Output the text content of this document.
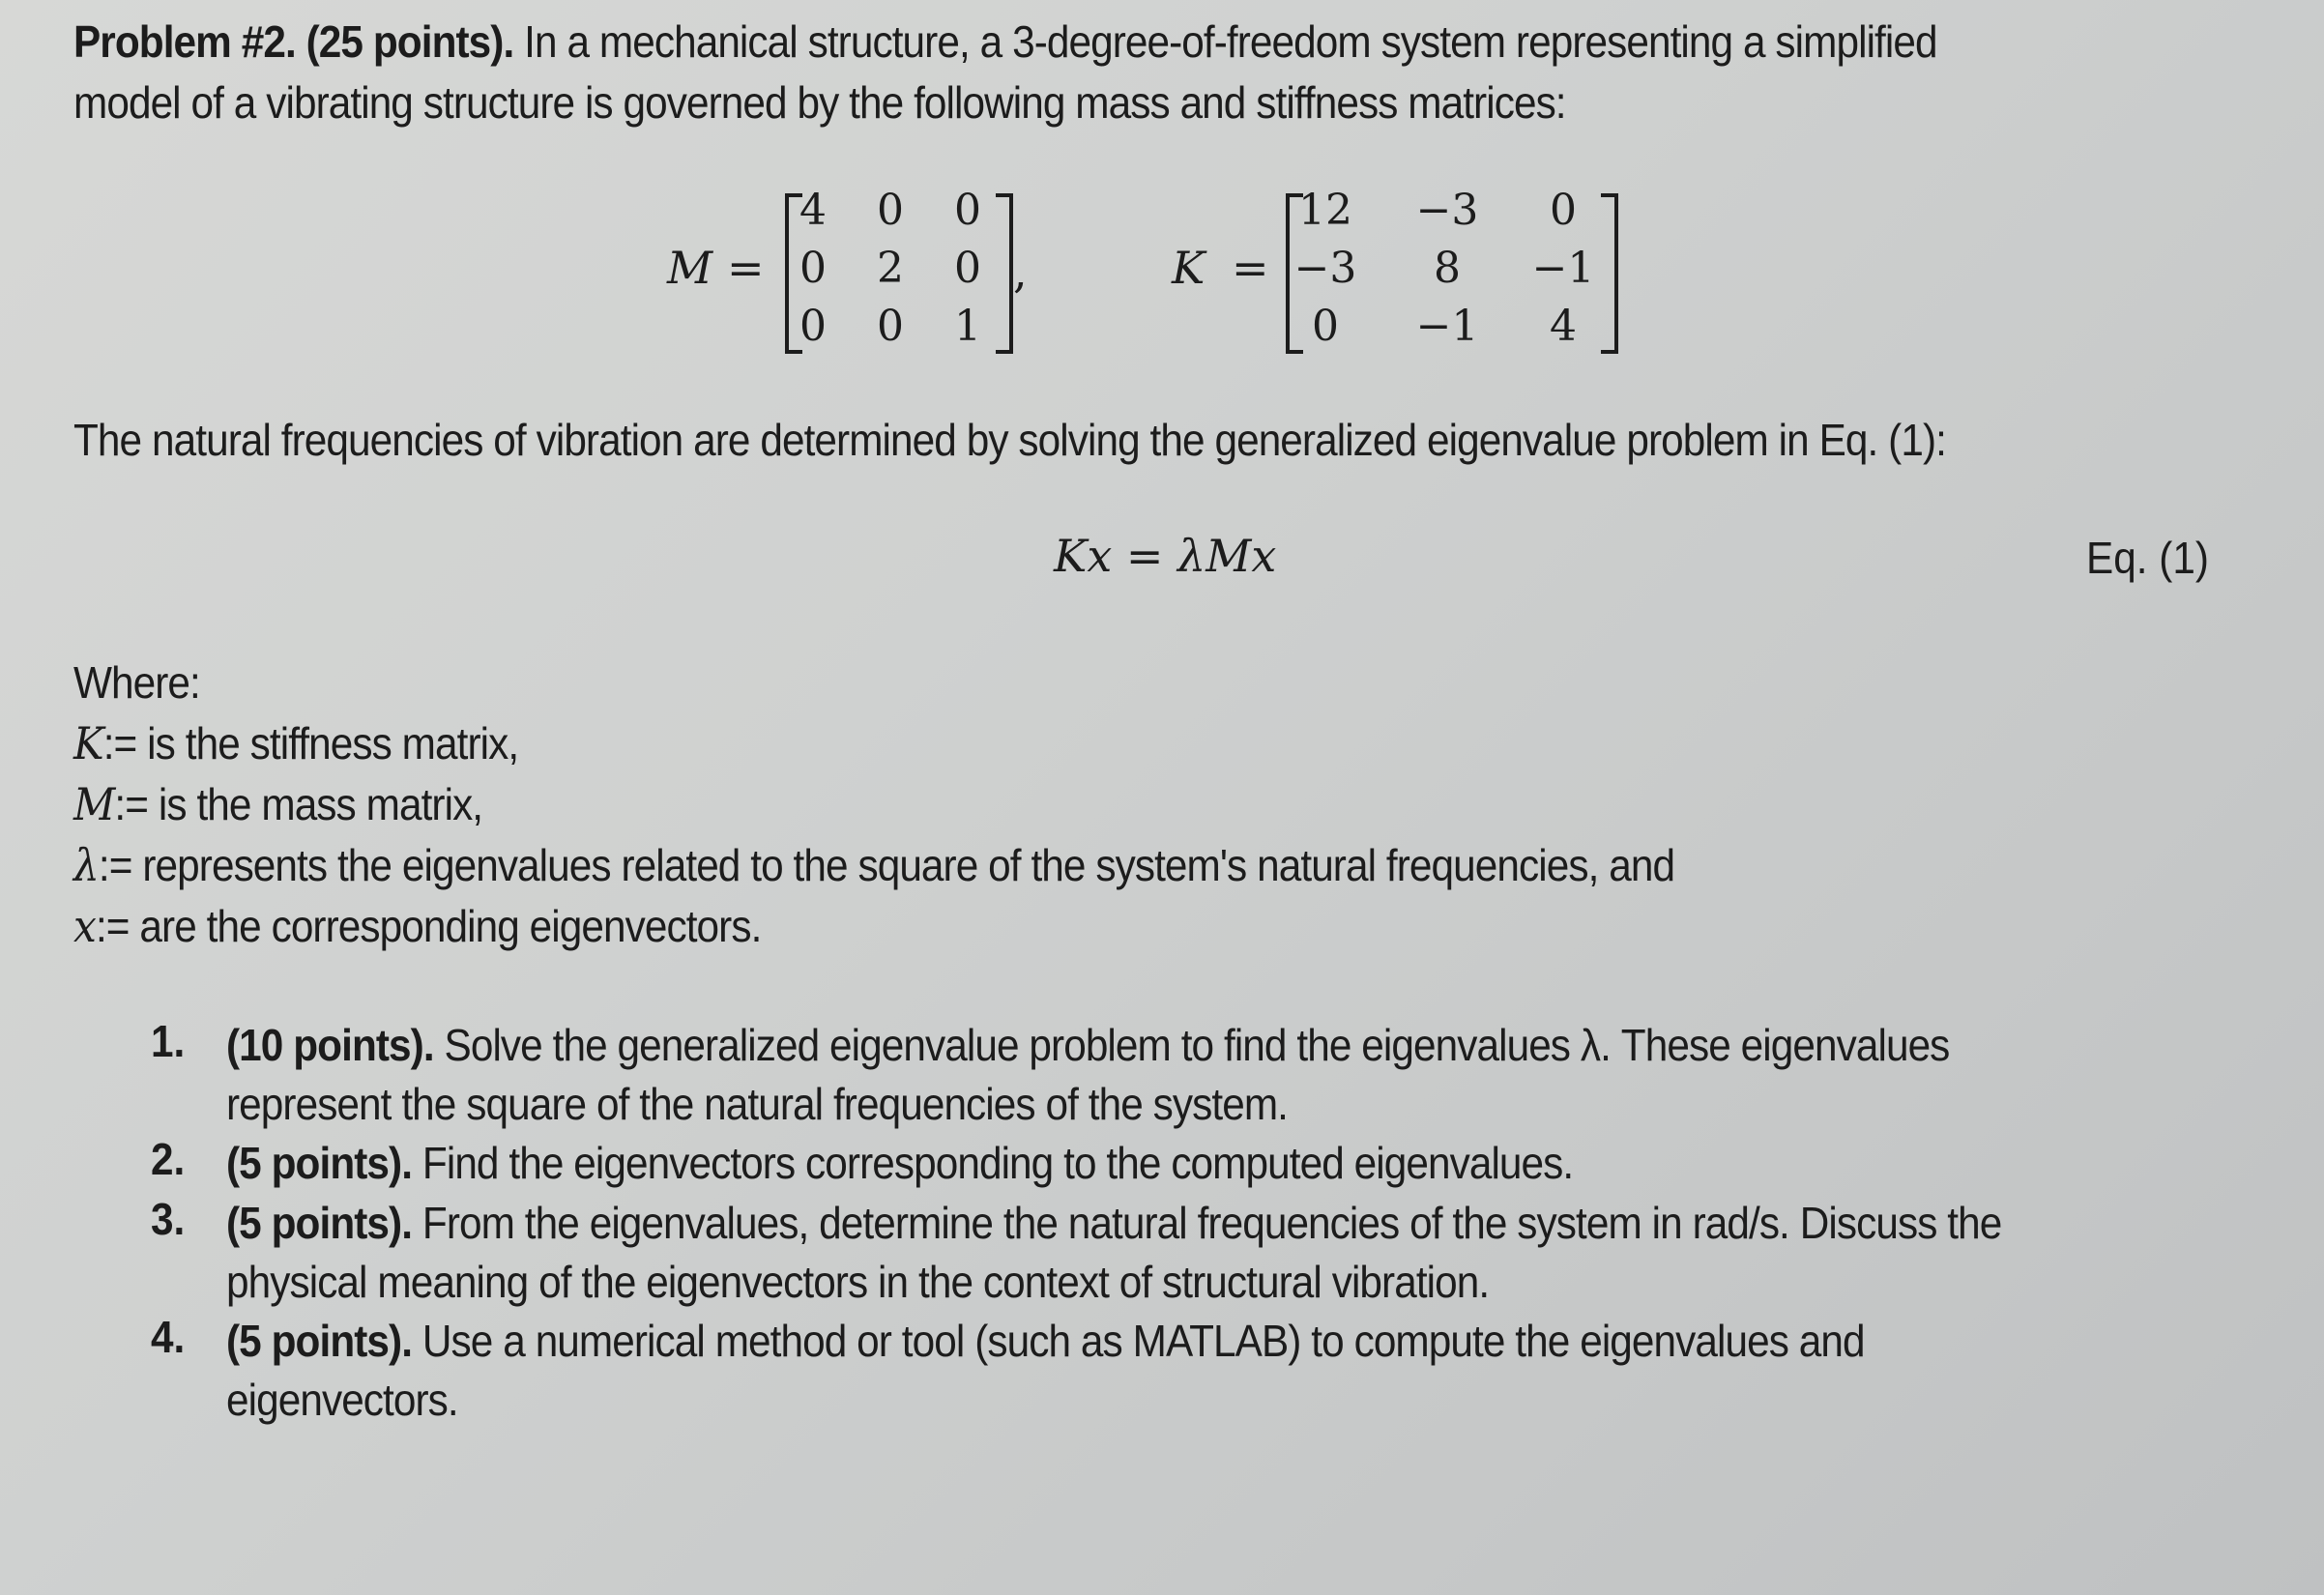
Problem #2. (25 points). In a mechanical structure, a 3-degree-of-freedom system representing a simplified
model of a vibrating structure is governed by the following mass and stiffness matrices:
M =
4	0	0
0	2	0
0	0	1
,	K =
12	−3	0
−3	8	−1
0	−1	4
The natural frequencies of vibration are determined by solving the generalized eigenvalue problem in Eq. (1):
Kx = λMx	Eq. (1)
Where:
K:= is the stiffness matrix,
M:= is the mass matrix,
λ:= represents the eigenvalues related to the square of the system's natural frequencies, and
x:= are the corresponding eigenvectors.
1. (10 points). Solve the generalized eigenvalue problem to find the eigenvalues λ. These eigenvalues
represent the square of the natural frequencies of the system.
2. (5 points). Find the eigenvectors corresponding to the computed eigenvalues.
3. (5 points). From the eigenvalues, determine the natural frequencies of the system in rad/s. Discuss the
physical meaning of the eigenvectors in the context of structural vibration.
4. (5 points). Use a numerical method or tool (such as MATLAB) to compute the eigenvalues and
eigenvectors.
